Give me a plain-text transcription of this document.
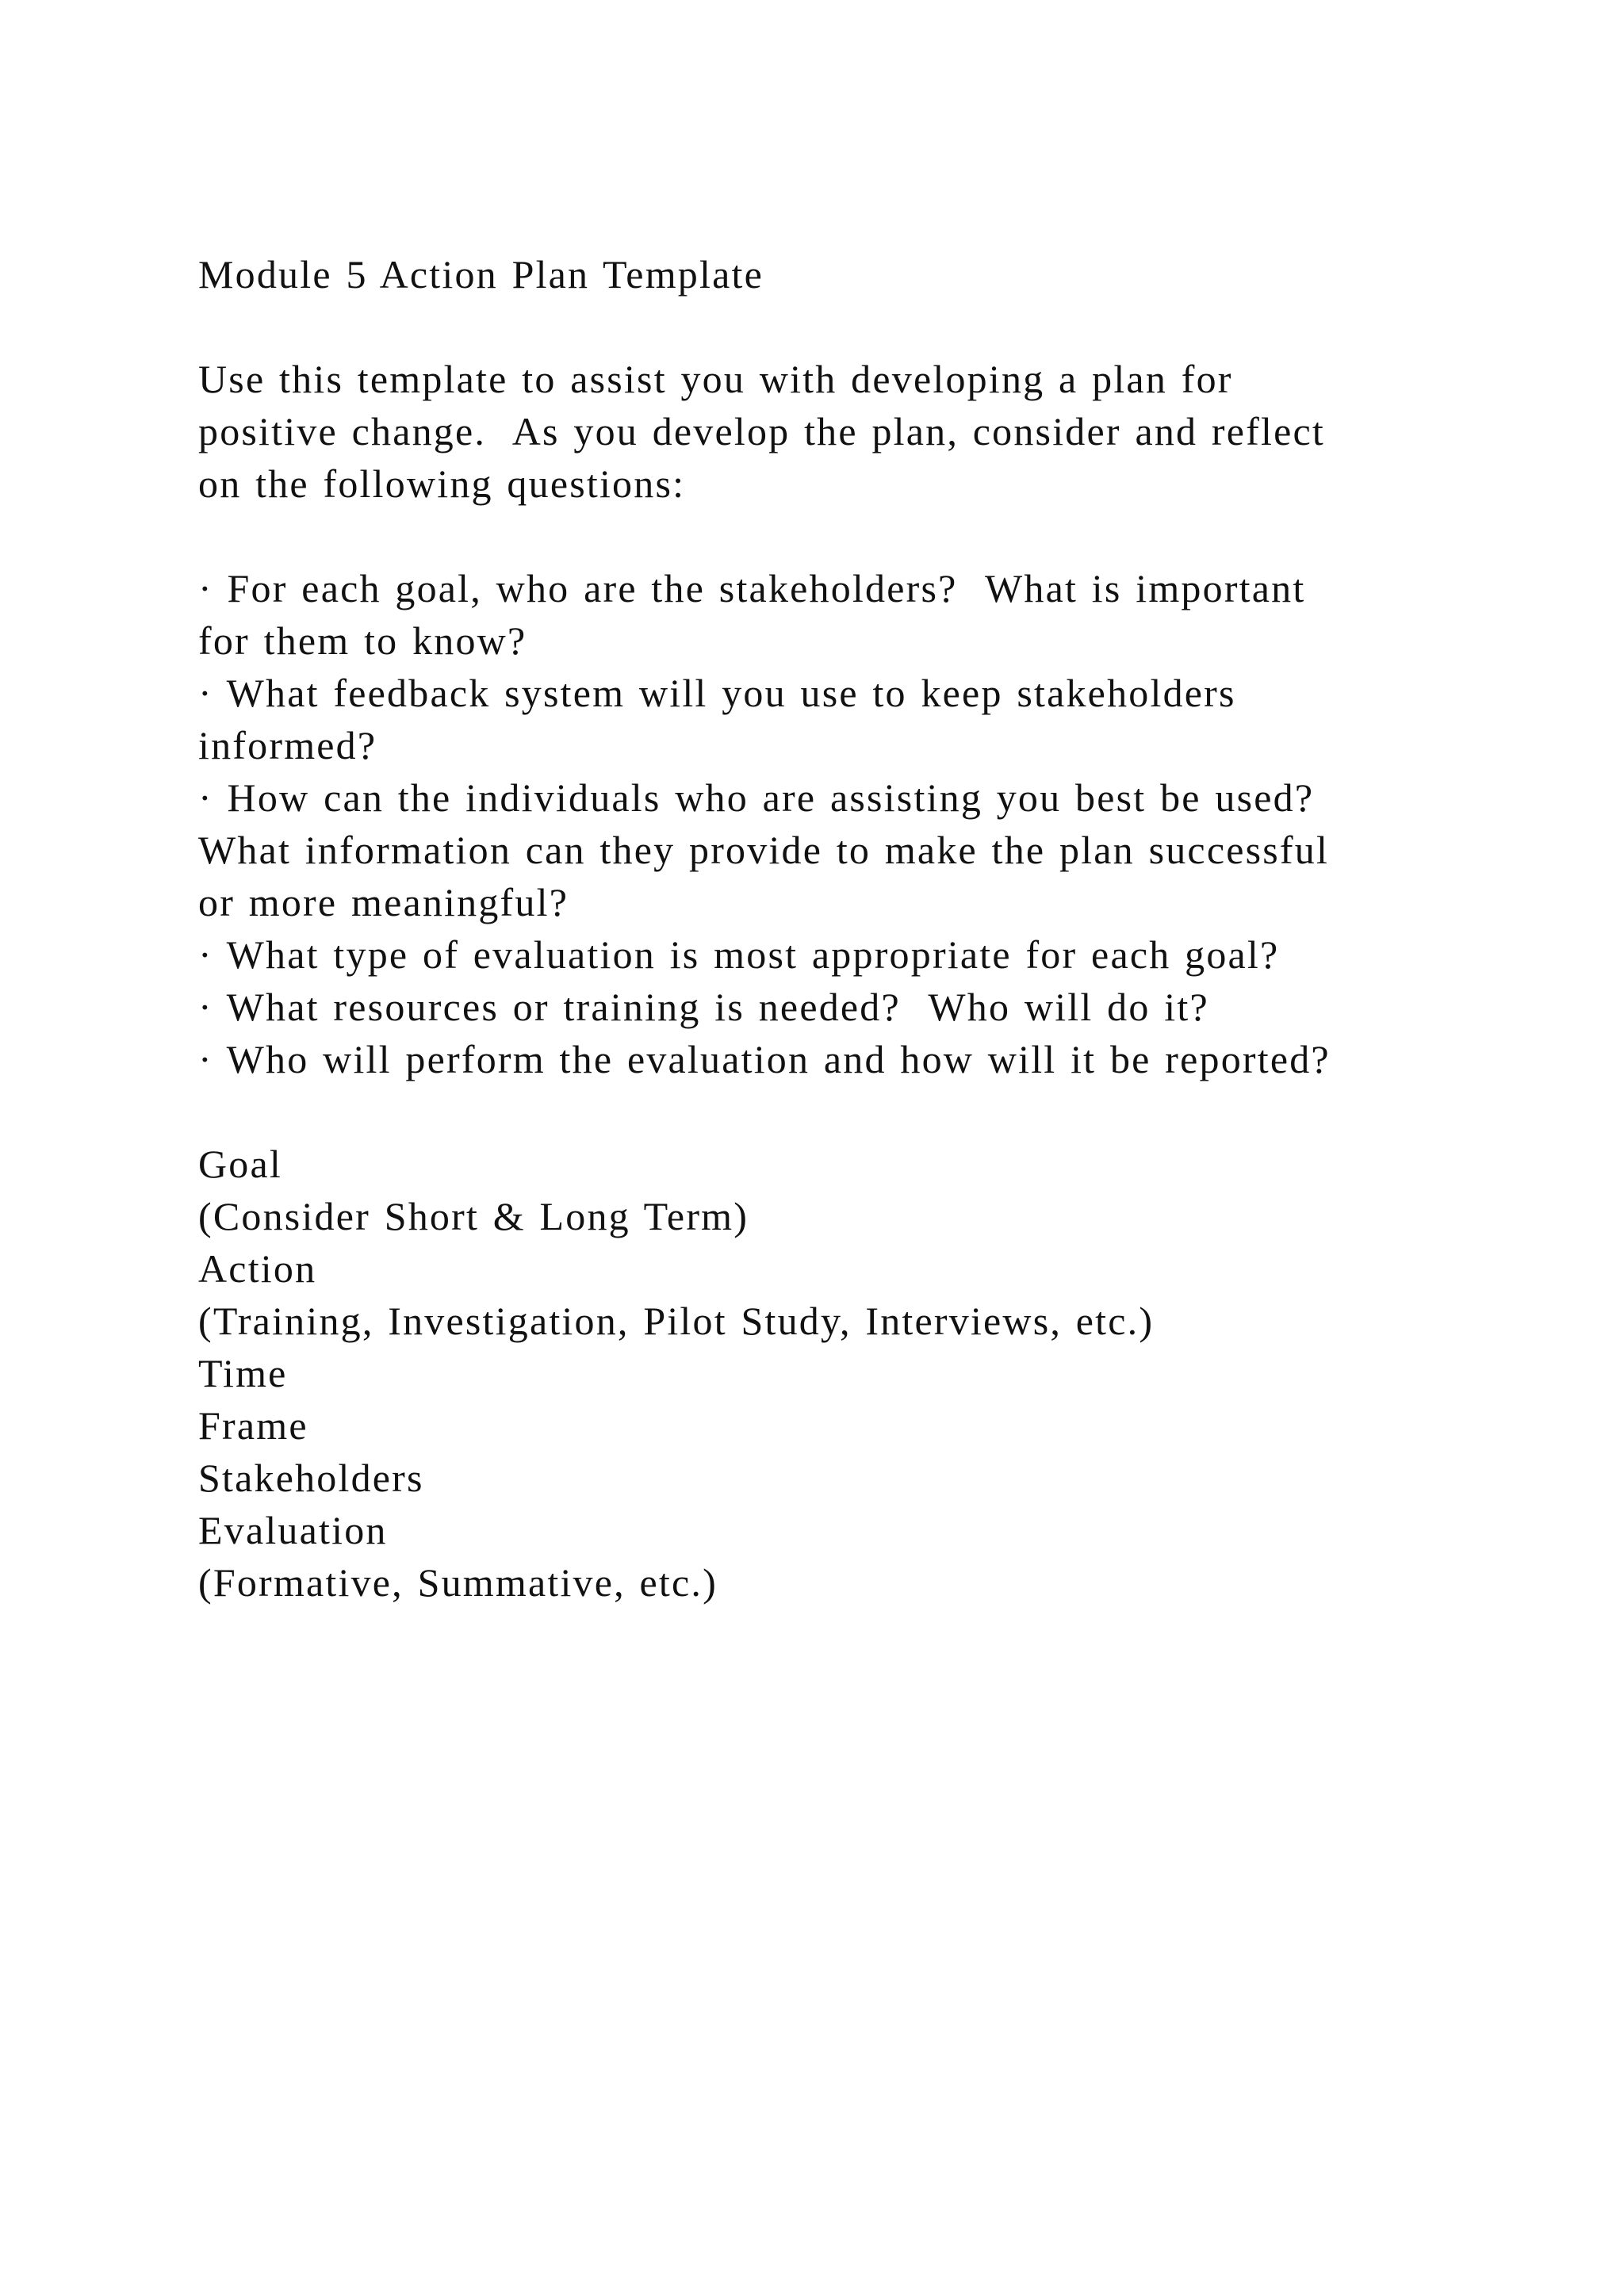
Module 5 Action Plan Template
Use this template to assist you with developing a plan for
positive change.  As you develop the plan, consider and reflect
on the following questions:
· For each goal, who are the stakeholders?  What is important
for them to know?
· What feedback system will you use to keep stakeholders
informed?
· How can the individuals who are assisting you best be used?
What information can they provide to make the plan successful
or more meaningful?
· What type of evaluation is most appropriate for each goal?
· What resources or training is needed?  Who will do it?
· Who will perform the evaluation and how will it be reported?
Goal
(Consider Short & Long Term)
Action
(Training, Investigation, Pilot Study, Interviews, etc.)
Time
Frame
Stakeholders
Evaluation
(Formative, Summative, etc.)
